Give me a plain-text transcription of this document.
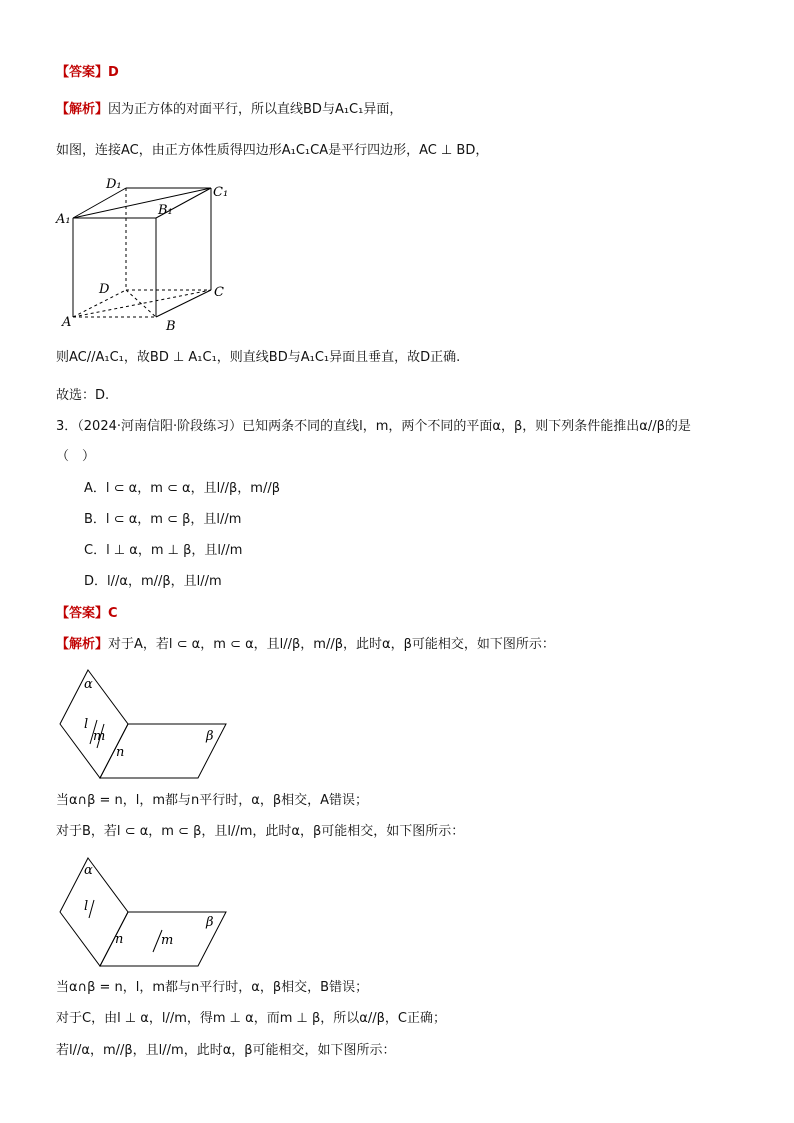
【答案】D
【解析】因为正方体的对面平行，所以直线BD与A₁C₁异面，
如图，连接AC，由正方体性质得四边形A₁C₁CA是平行四边形，AC ⊥ BD，
D₁
C₁
A₁
B₁
D	C
A	B
则AC//A₁C₁，故BD ⊥ A₁C₁，则直线BD与A₁C₁异面且垂直，故D正确.
故选：D.
3．（2024·河南信阳·阶段练习）已知两条不同的直线l，m，两个不同的平面α，β，则下列条件能推出α//β的是
（　）
A．l ⊂ α，m ⊂ α，且l//β，m//β
B．l ⊂ α，m ⊂ β，且l//m
C．l ⊥ α，m ⊥ β，且l//m
D．l//α，m//β，且l//m
【答案】C
【解析】对于A，若l ⊂ α，m ⊂ α，且l//β，m//β，此时α，β可能相交，如下图所示：
α
β
l
m
n
当α∩β = n，l，m都与n平行时，α，β相交，A错误；
对于B，若l ⊂ α，m ⊂ β，且l//m，此时α，β可能相交，如下图所示：
α
β
l
m
n
当α∩β = n，l，m都与n平行时，α，β相交，B错误；
对于C，由l ⊥ α，l//m，得m ⊥ α，而m ⊥ β，所以α//β，C正确；
若l//α，m//β，且l//m，此时α，β可能相交，如下图所示：
